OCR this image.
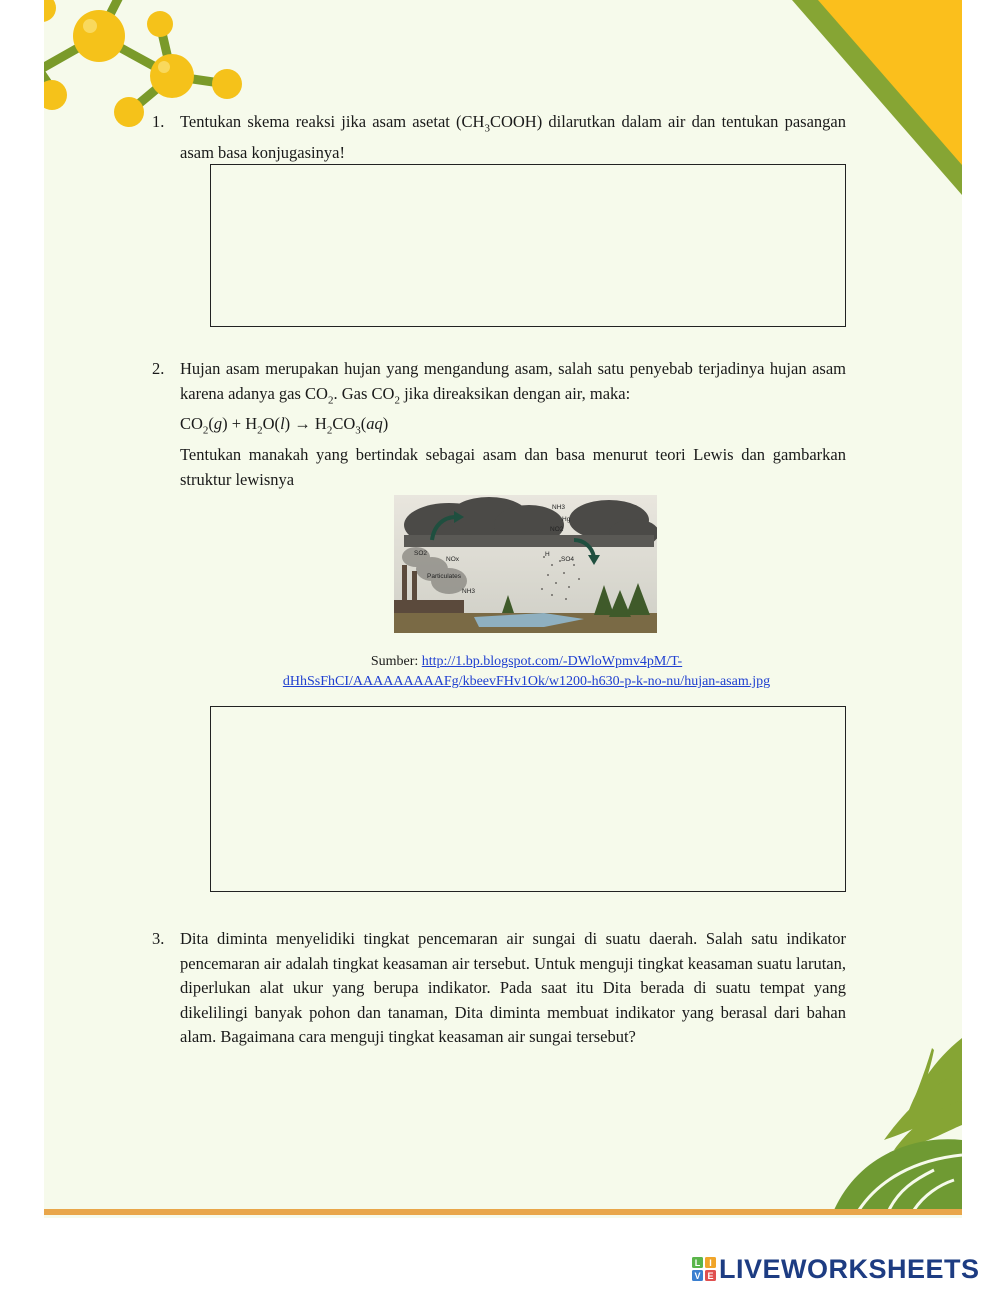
1. Tentukan skema reaksi jika asam asetat $(CH_3COOH)$ dilarutkan dalam air dan tentukan pasangan asam basa konjugasinya!

2. Hujan asam merupakan hujan yang mengandung asam, salah satu penyebab terjadinya hujan asam karena adanya gas $CO_2$. Gas $CO_2$ jika direaksikan dengan air, maka:

$CO_2(g) + H_2O(l) \to H_2CO_3(aq)$

Tentukan manakah yang bertindak sebagai asam dan basa menurut teori Lewis dan gambarkan struktur lewisnya

NH3
Hg
NO2
SO2
NOx
H
SO4
Particulates
NH3
Sumber: http://1.bp.blogspot.com/-DWloWpmv4pM/T-
dHhSsFhCI/AAAAAAAAAFg/kbeevFHv1Ok/w1200-h630-p-k-no-nu/hujan-asam.jpg
3. Dita diminta menyelidiki tingkat pencemaran air sungai di suatu daerah. Salah satu indikator pencemaran air adalah tingkat keasaman air tersebut. Untuk menguji tingkat keasaman suatu larutan, diperlukan alat ukur yang berupa indikator. Pada saat itu Dita berada di suatu tempat yang dikelilingi banyak pohon dan tanaman, Dita diminta membuat indikator yang berasal dari bahan alam. Bagaimana cara menguji tingkat keasaman air sungai tersebut?

L I
V E LIVEWORKSHEETS
